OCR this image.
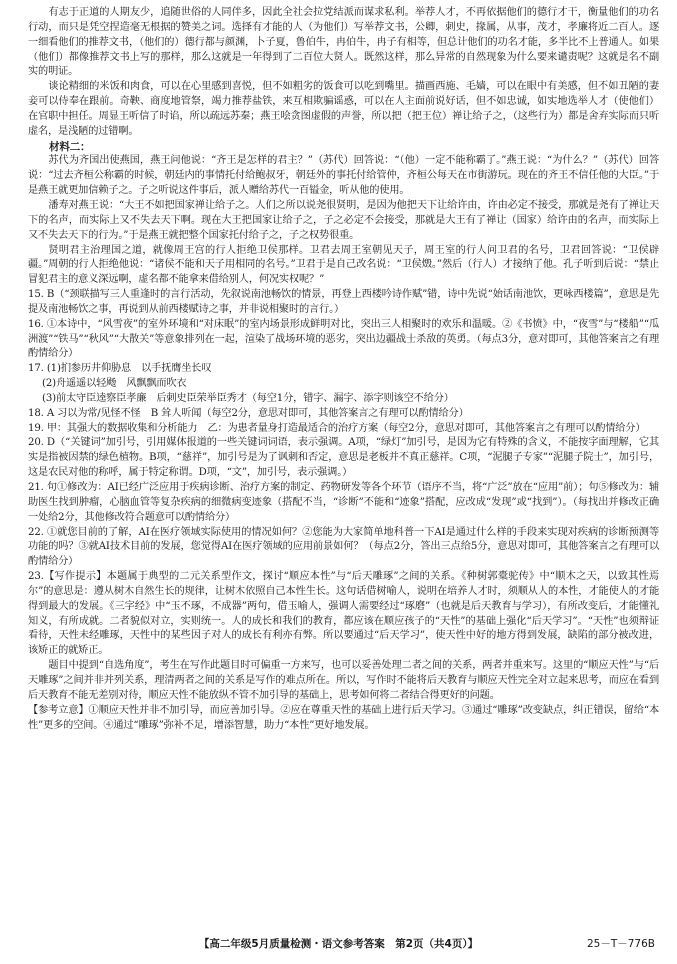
有志于正道的人期友少，追随世俗的人同伴多，因此全社会拉党结派而谋求私利。举荐人才，不再依据他们的德行才干，衡量他们的功名行动，而只是凭空捏造毫无根据的赞美之词。选择有才能的人（为他们）写举荐文书，公卿，刺史，掾属，从事，茂才，孝廉将近二百人。逐一细看他们的推荐文书，（他们的）德行都与颜渊，卜子夏，鲁伯牛，冉伯牛，冉子有相等，但总计他们的功名才能，多半比不上普通人。如果（他们）都像推荐文书上写的那样，那么这就是一年得到了二百位大贤人。既然这样，那么异常的自然现象为什么要来谴责呢？这就是名不副实的明证。

谈论精细的米饭和肉食，可以在心里感到喜悦，但不如粗劣的饭食可以吃到嘴里。描画西施、毛嫱，可以在眼中有美感，但不如丑陋的妻妾可以侍奉在跟前。奇鞅、商度地管祭，竭力推荐盐铁，来互相欺骗谣惑，可以在人主面前说好话，但不如忠诚，如实地选举人才（使他们）在官职中担任。周显王听信了时谄，所以疏远苏秦；燕王哙贪图虚假的声誉，所以把（把王位）禅让给子之，（这些行为）都是舍弃实际而只听虚名，是浅陋的过错啊。

材料二：

苏代为齐国出使燕国，燕王问他说：“齐王是怎样的君主？”（苏代）回答说：“（他）一定不能称霸了。”燕王说：“为什么？”（苏代）回答说：“过去齐桓公称霸的时候，朝廷内的事情托付给鲍叔牙，朝廷外的事托付给管仲，齐桓公每天在市街游玩。现在的齐王不信任他的大臣。”于是燕王就更加信赖子之。子之听说这件事后，派人赠给苏代一百镒金，听从他的使用。

潘寿对燕王说：“大王不如把国家禅让给子之。人们之所以说尧很贤明，是因为他把天下让给许由，许由必定不接受，那就是尧有了禅让天下的名声，而实际上又不失去天下啊。现在大王把国家让给子之，子之必定不会接受，那就是大王有了禅让（国家）给许由的名声，而实际上又不失去天下的行为。”于是燕王就把整个国家托付给子之，子之权势很重。

贤明君主治理国之道，就像周王宫的行人拒绝卫侯那样。卫君去周王室朝见天子，周王室的行人问卫君的名号，卫君回答说：“卫侯辟疆。”周朝的行人拒绝他说：“诸侯不能和天子用相同的名号。”卫君于是自己改名说：“卫侯燬。”然后（行人）才接纳了他。孔子听到后说：“禁止冒犯君主的意义深远啊，虚名都不能拿来借给别人，何况实权呢？”

15. B（“颈联描写三人重逢时的言行活动，先叙说南池畅饮的情景，再登上西楼吟诗作赋”错，诗中先说“始话南池饮，更咏西楼篇”，意思是先提及南池畅饮之事，再说到从前西楼赋诗之事，并非说相聚时的言行。）

16. ①本诗中，“风雪夜”的室外环境和“对床眠”的室内场景形成鲜明对比，突出三人相聚时的欢乐和温暖。②《书愤》中，“夜雪”与“楼船”“瓜洲渡”“铁马”“秋风”“大散关”等意象排列在一起，渲染了战场环境的恶劣，突出边疆战士杀敌的英勇。（每点3分，意对即可，其他答案言之有理酌情给分）

17. (1)扪参历井仰胁息　以手抚膺坐长叹

(2)舟遥遥以轻飏　风飘飘而吹衣

(3)前太守臣逵察臣孝廉　后刺史臣荣举臣秀才（每空1分，错字、漏字、添字则该空不给分）

18. A 习以为常/见怪不怪　B 耸人听闻（每空2分，意思对即可，其他答案言之有理可以酌情给分）

19. 甲：其强大的数据收集和分析能力　乙：为患者量身打造最适合的治疗方案（每空2分，意思对即可，其他答案言之有理可以酌情给分）

20. D（“关键词”加引号，引用媒体报道的一些关键词词语，表示强调。A项，“绿灯”加引号，是因为它有特殊的含义，不能按字面理解，它其实是指被因禁的绿色植物。B项，“慈祥”，加引号是为了讽刺和否定，意思是老板并不真正慈祥。C项，“泥腿子专家”“泥腿子院士”，加引号，这是农民对他的称呼，属于特定称谓。D项，“文”，加引号，表示强调。）

21. 句①修改为：AI已经广泛应用于疾病诊断、治疗方案的制定、药物研发等各个环节（语序不当，将“广泛”放在“应用”前）；句⑤修改为：辅助医生找到肿瘤，心脑血管等复杂疾病的细微病变迹象（搭配不当，“诊断”不能和“迹象”搭配，应改成“发现”或“找到”）。（每找出并修改正确一处给2分，其他修改符合题意可以酌情给分）

22. ①就您目前的了解，AI在医疗领域实际使用的情况如何？②您能为大家简单地科普一下AI是通过什么样的手段来实现对疾病的诊断预测等功能的吗？③就AI技术目前的发展，您觉得AI在医疗领域的应用前景如何？（每点2分，答出三点给5分，意思对即可，其他答案言之有理可以酌情给分）

23.【写作提示】本题属于典型的二元关系型作文，探讨“顺应本性”与“后天雕琢”之间的关系。《种树郭橐驼传》中“顺木之天，以致其性焉尔”的意思是：遵从树木自然生长的规律，让树木依照自己本性生长。这句话借树喻人，说明在培养人才时，须顺从人的本性，才能使人的才能得到最大的发展。《三字经》中“玉不琢，不成器”两句，借玉喻人，强调人需要经过“琢磨”（也就是后天教育与学习），有所改变后，才能懂礼知义，有所成就。二者貌似对立，实则统一。人的成长和我们的教育，都应该在顺应孩子的“天性”的基础上强化“后天学习”。“天性”也须辩证看待，天性未经雕琢，天性中的某些因子对人的成长有利亦有弊。所以要通过“后天学习”，使天性中好的地方得到发展，缺陷的部分被改进，该矫正的就矫正。

题目中提到“自选角度”，考生在写作此题目时可偏重一方来写，也可以妥善处理二者之间的关系，两者并重来写。这里的“顺应天性”与“后天雕琢”之间并非并列关系，理清两者之间的关系是写作的难点所在。所以，写作时不能将后天教育与顺应天性完全对立起来思考，而应在看到后天教育不能无差别对待，顺应天性不能放纵不管不加引导的基础上，思考如何将二者结合得更好的问题。

【参考立意】①顺应天性并非不加引导，而应善加引导。②应在尊重天性的基础上进行后天学习。③通过“雕琢”改变缺点，纠正错误，留给“本性”更多的空间。④通过“雕琢”弥补不足，增添智慧，助力“本性”更好地发展。

【高二年级5月质量检测・语文参考答案　第2页（共4页）】	25－T－776B
